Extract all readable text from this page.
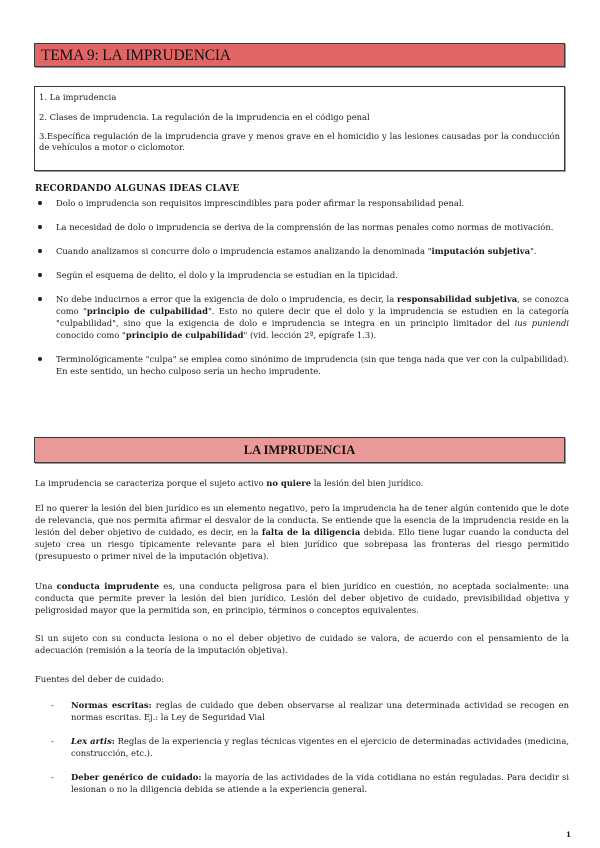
TEMA 9: LA IMPRUDENCIA

1. La imprudencia

2. Clases de imprudencia. La regulación de la imprudencia en el código penal

3.Específica regulación de la imprudencia grave y menos grave en el homicidio y las lesiones causadas por la conducción de vehículos a motor o ciclomotor.

RECORDANDO ALGUNAS IDEAS CLAVE
Dolo o imprudencia son requisitos imprescindibles para poder afirmar la responsabilidad penal.
La necesidad de dolo o imprudencia se deriva de la comprensión de las normas penales como normas de motivación.
Cuando analizamos si concurre dolo o imprudencia estamos analizando la denominada "imputación subjetiva".
Según el esquema de delito, el dolo y la imprudencia se estudian en la tipicidad.
No debe inducirnos a error que la exigencia de dolo o imprudencia, es decir, la responsabilidad subjetiva, se conozca como "principio de culpabilidad". Esto no quiere decir que el dolo y la imprudencia se estudien en la categoría "culpabilidad", sino que la exigencia de dolo e imprudencia se integra en un principio limitador del ius puniendi conocido como "principio de culpabilidad" (vid. lección 2ª, epígrafe 1.3).
Terminológicamente "culpa" se emplea como sinónimo de imprudencia (sin que tenga nada que ver con la culpabilidad). En este sentido, un hecho culposo sería un hecho imprudente.
LA IMPRUDENCIA

La imprudencia se caracteriza porque el sujeto activo no quiere la lesión del bien jurídico.

El no querer la lesión del bien jurídico es un elemento negativo, pero la imprudencia ha de tener algún contenido que le dote de relevancia, que nos permita afirmar el desvalor de la conducta. Se entiende que la esencia de la imprudencia reside en la lesión del deber objetivo de cuidado, es decir, en la falta de la diligencia debida. Ello tiene lugar cuando la conducta del sujeto crea un riesgo típicamente relevante para el bien jurídico que sobrepasa las fronteras del riesgo permitido (presupuesto o primer nivel de la imputación objetiva).

Una conducta imprudente es, una conducta peligrosa para el bien jurídico en cuestión, no aceptada socialmente: una conducta que permite prever la lesión del bien jurídico. Lesión del deber objetivo de cuidado, previsibilidad objetiva y peligrosidad mayor que la permitida son, en principio, términos o conceptos equivalentes.

Si un sujeto con su conducta lesiona o no el deber objetivo de cuidado se valora, de acuerdo con el pensamiento de la adecuación (remisión a la teoría de la imputación objetiva).

Fuentes del deber de cuidado:

- Normas escritas: reglas de cuidado que deben observarse al realizar una determinada actividad se recogen en normas escritas. Ej.: la Ley de Seguridad Vial
- Lex artis: Reglas de la experiencia y reglas técnicas vigentes en el ejercicio de determinadas actividades (medicina, construcción, etc.).
- Deber genérico de cuidado: la mayoría de las actividades de la vida cotidiana no están reguladas. Para decidir si lesionan o no la diligencia debida se atiende a la experiencia general.
1
